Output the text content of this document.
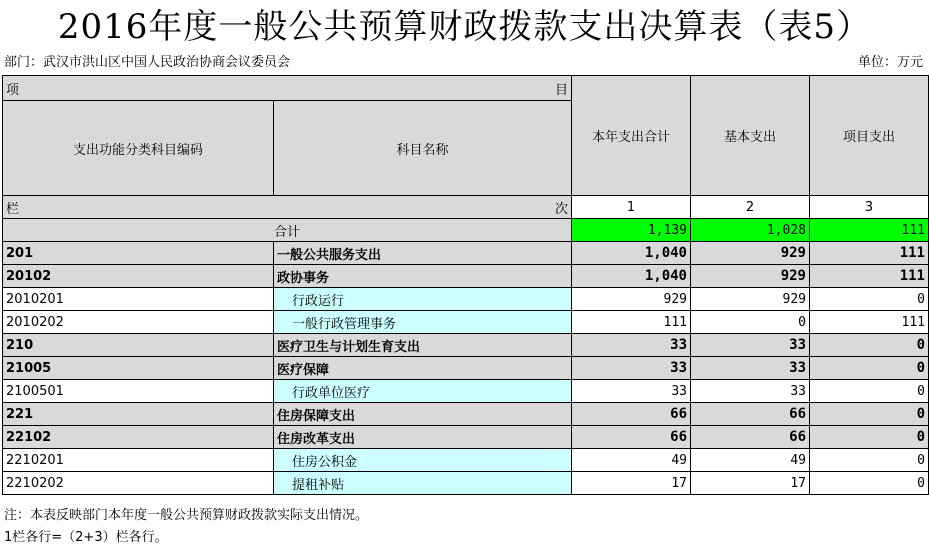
2016年度一般公共预算财政拨款支出决算表（表5）
部门：武汉市洪山区中国人民政治协商会议委员会	单位：万元
项 目		本年支出合计	基本支出	项目支出
支出功能分类科目编码	科目名称			
栏 次		1	2	3
合计		1,139	1,028	111
201	一般公共服务支出	1,040	929	111
20102	政协事务	1,040	929	111
2010201	行政运行	929	929	0
2010202	一般行政管理事务	111	0	111
210	医疗卫生与计划生育支出	33	33	0
21005	医疗保障	33	33	0
2100501	行政单位医疗	33	33	0
221	住房保障支出	66	66	0
22102	住房改革支出	66	66	0
2210201	住房公积金	49	49	0
2210202	提租补贴	17	17	0
注：本表反映部门本年度一般公共预算财政拨款实际支出情况。
1栏各行=（2+3）栏各行。
